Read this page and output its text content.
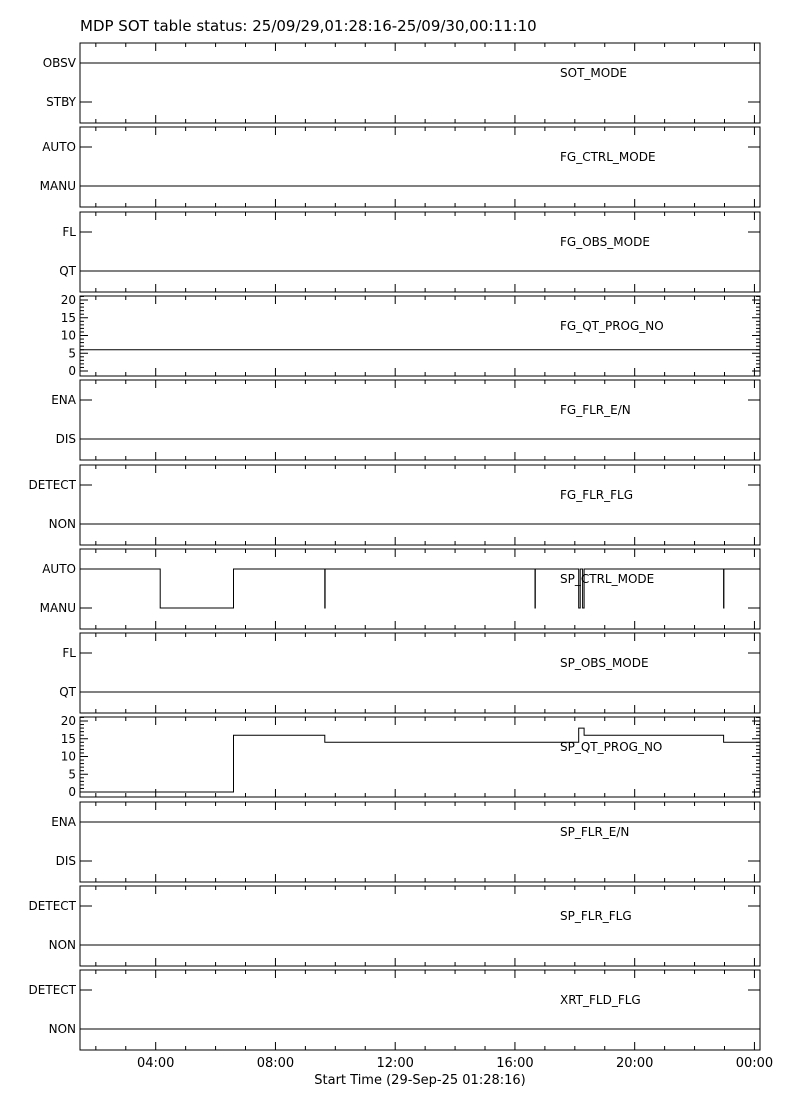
MDP SOT table status: 25/09/29,01:28:16-25/09/30,00:11:10
OBSV
STBY
SOT_MODE
AUTO
MANU
FG_CTRL_MODE
FL
QT
FG_OBS_MODE
0
5
10
15
20
FG_QT_PROG_NO
ENA
DIS
FG_FLR_E/N
DETECT
NON
FG_FLR_FLG
AUTO
MANU
SP_CTRL_MODE
FL
QT
SP_OBS_MODE
0
5
10
15
20
SP_QT_PROG_NO
ENA
DIS
SP_FLR_E/N
DETECT
NON
SP_FLR_FLG
DETECT
NON
XRT_FLD_FLG
04:00	08:00	12:00	16:00	20:00	00:00
Start Time (29-Sep-25 01:28:16)
